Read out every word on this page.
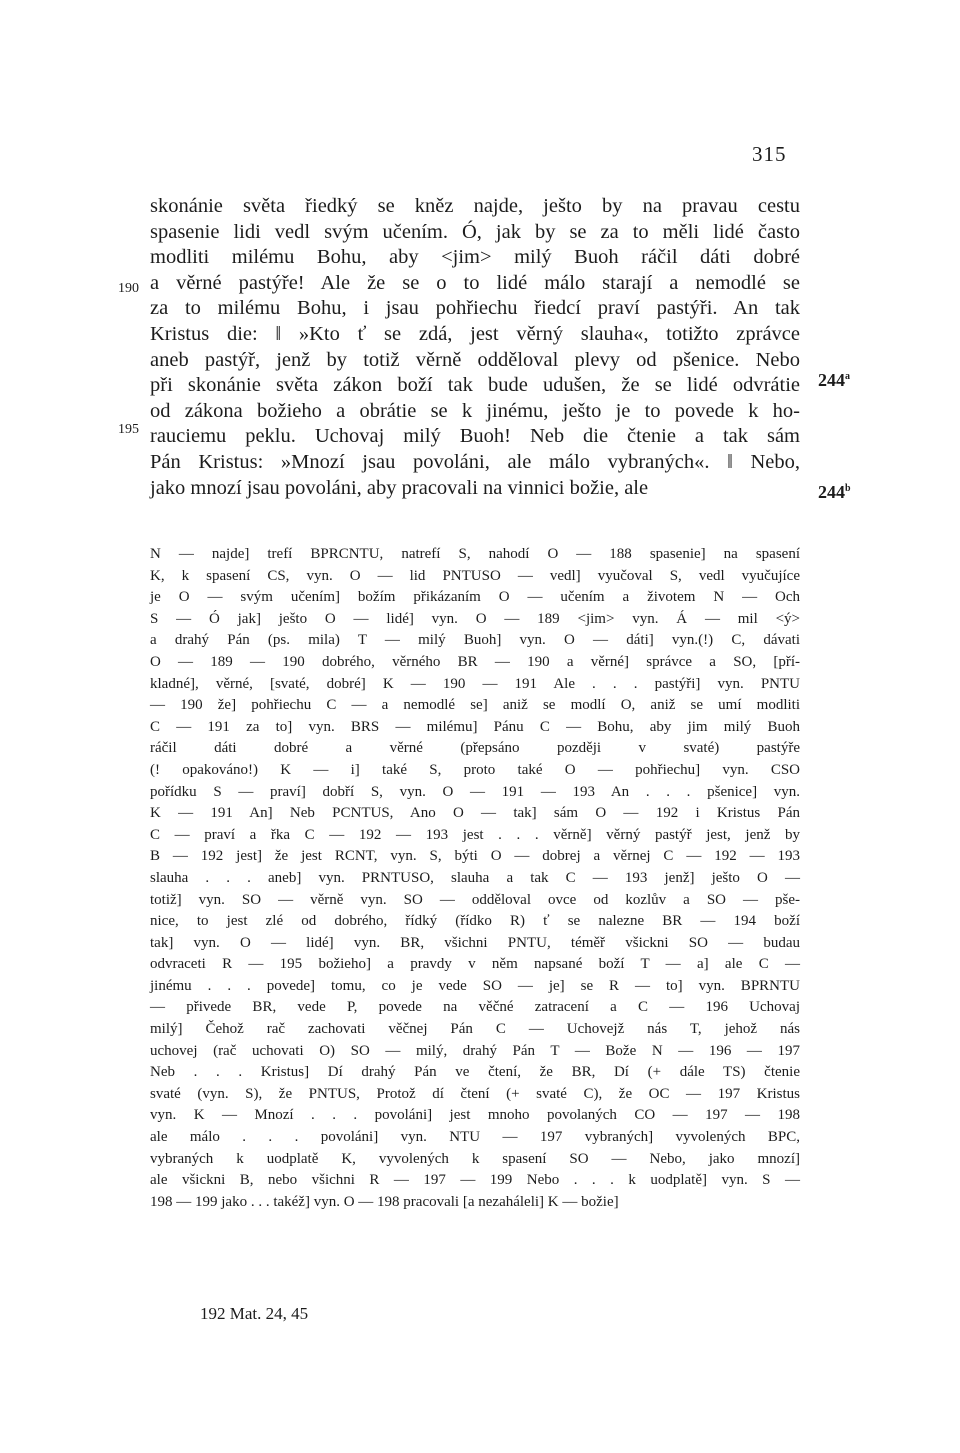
315
skonánie světa řiedký se kněz najde, ješto by na pravau cestu
spasenie lidi vedl svým učením. Ó, jak by se za to měli lidé často
modliti milému Bohu, aby <jim> milý Buoh ráčil dáti dobré
a věrné pastýře! Ale že se o to lidé málo starají a nemodlé se
za to milému Bohu, i jsau pohřiechu řiedcí praví pastýři. An tak
Kristus die: ‖ »Kto ť se zdá, jest věrný slauha«, totižto zprávce
aneb pastýř, jenž by totiž věrně odděloval plevy od pšenice. Nebo
při skonánie světa zákon boží tak bude udušen, že se lidé odvrátie
od zákona božieho a obrátie se k jinému, ješto je to povede k ho-
rauciemu peklu. Uchovaj milý Buoh! Neb die čtenie a tak sám
Pán Kristus: »Mnozí jsau povoláni, ale málo vybraných«. ‖ Nebo,
jako mnozí jsau povoláni, aby pracovali na vinnici božie, ale
190
195
244$^a$
244$^b$
N — najde] trefí BPRCNTU, natrefí S, nahodí O — 188 spasenie] na spasení
K, k spasení CS, vyn. O — lid PNTUSO — vedl] vyučoval S, vedl vyučujíce
je O — svým učením] božím přikázaním O — učením a životem N — Och
S — Ó jak] ješto O — lidé] vyn. O — 189 <jim> vyn. Á — mil <ý>
a drahý Pán (ps. mila) T — milý Buoh] vyn. O — dáti] vyn.(!) C, dávati
O — 189 — 190 dobrého, věrného BR — 190 a věrné] správce a SO, [pří-
kladné], věrné, [svaté, dobré] K — 190 — 191 Ale . . . pastýři] vyn. PNTU
— 190 že] pohřiechu C — a nemodlé se] aniž se modlí O, aniž se umí modliti
C — 191 za to] vyn. BRS — milému] Pánu C — Bohu, aby jim milý Buoh
ráčil dáti dobré a věrné (přepsáno později v svaté) pastýře
(! opakováno!) K — i] také S, proto také O — pohřiechu] vyn. CSO
pořídku S — praví] dobří S, vyn. O — 191 — 193 An . . . pšenice] vyn.
K — 191 An] Neb PCNTUS, Ano O — tak] sám O — 192 i Kristus Pán
C — praví a řka C — 192 — 193 jest . . . věrně] věrný pastýř jest, jenž by
B — 192 jest] že jest RCNT, vyn. S, býti O — dobrej a věrnej C — 192 — 193
slauha . . . aneb] vyn. PRNTUSO, slauha a tak C — 193 jenž] ješto O —
totiž] vyn. SO — věrně vyn. SO — odděloval ovce od kozlův a SO — pše-
nice, to jest zlé od dobrého, řídký (řídko R) ť se nalezne BR — 194 boží
tak] vyn. O — lidé] vyn. BR, všichni PNTU, téměř všickni SO — budau
odvraceti R — 195 božieho] a pravdy v něm napsané boží T — a] ale C —
jinému . . . povede] tomu, co je vede SO — je] se R — to] vyn. BPRNTU
— přivede BR, vede P, povede na věčné zatracení a C — 196 Uchovaj
milý] Čehož rač zachovati věčnej Pán C — Uchovejž nás T, jehož nás
uchovej (rač uchovati O) SO — milý, drahý Pán T — Bože N — 196 — 197
Neb . . . Kristus] Dí drahý Pán ve čtení, že BR, Dí (+ dále TS) čtenie
svaté (vyn. S), že PNTUS, Protož dí čtení (+ svaté C), že OC — 197 Kristus
vyn. K — Mnozí . . . povoláni] jest mnoho povolaných CO — 197 — 198
ale málo . . . povoláni] vyn. NTU — 197 vybraných] vyvolených BPC,
vybraných k uodplatě K, vyvolených k spasení SO — Nebo, jako mnozí]
ale všickni B, nebo všichni R — 197 — 199 Nebo . . . k uodplatě] vyn. S —
198 — 199 jako . . . takéž] vyn. O — 198 pracovali [a nezaháleli] K — božie]
192 Mat. 24, 45
